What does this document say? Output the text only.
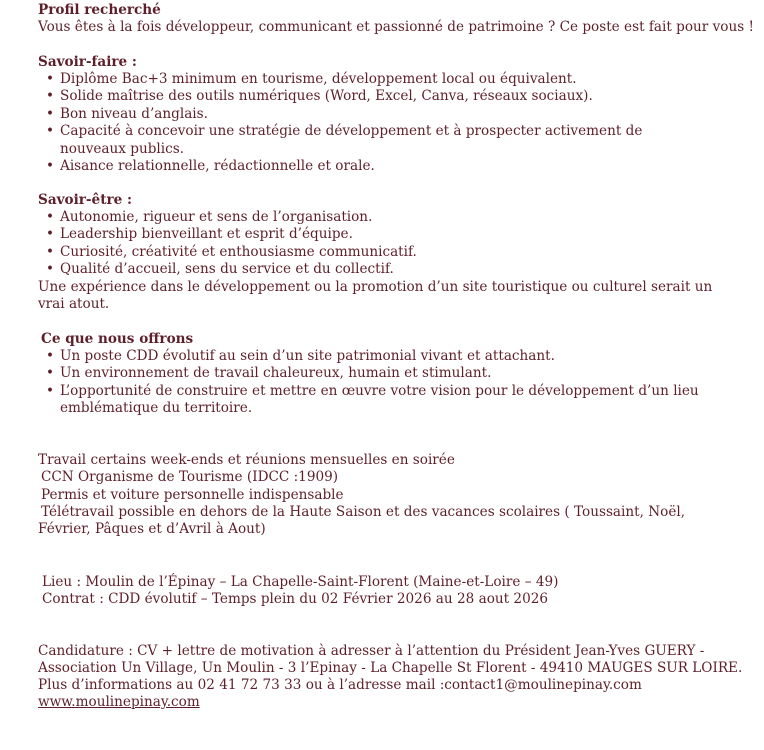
Profil recherché
Vous êtes à la fois développeur, communicant et passionné de patrimoine ? Ce poste est fait pour vous !
Savoir-faire :
• Diplôme Bac+3 minimum en tourisme, développement local ou équivalent.
• Solide maîtrise des outils numériques (Word, Excel, Canva, réseaux sociaux).
• Bon niveau d’anglais.
• Capacité à concevoir une stratégie de développement et à prospecter activement de nouveaux publics.
• Aisance relationnelle, rédactionnelle et orale.
Savoir-être :
• Autonomie, rigueur et sens de l’organisation.
• Leadership bienveillant et esprit d’équipe.
• Curiosité, créativité et enthousiasme communicatif.
• Qualité d’accueil, sens du service et du collectif.
Une expérience dans le développement ou la promotion d’un site touristique ou culturel serait un vrai atout.
Ce que nous offrons
• Un poste CDD évolutif au sein d’un site patrimonial vivant et attachant.
• Un environnement de travail chaleureux, humain et stimulant.
• L’opportunité de construire et mettre en œuvre votre vision pour le développement d’un lieu emblématique du territoire.
Travail certains week-ends et réunions mensuelles en soirée
CCN Organisme de Tourisme (IDCC :1909)
Permis et voiture personnelle indispensable
Télétravail possible en dehors de la Haute Saison et des vacances scolaires ( Toussaint, Noël, Février, Pâques et d’Avril à Aout)
Lieu : Moulin de l’Épinay – La Chapelle-Saint-Florent (Maine-et-Loire – 49)
Contrat : CDD évolutif – Temps plein du 02 Février 2026 au 28 aout 2026
Candidature : CV + lettre de motivation à adresser à l’attention du Président Jean-Yves GUERY -
Association Un Village, Un Moulin - 3 l’Epinay - La Chapelle St Florent - 49410 MAUGES SUR LOIRE.
Plus d’informations au 02 41 72 73 33 ou à l’adresse mail :contact1@moulinepinay.com
www.moulinepinay.com
